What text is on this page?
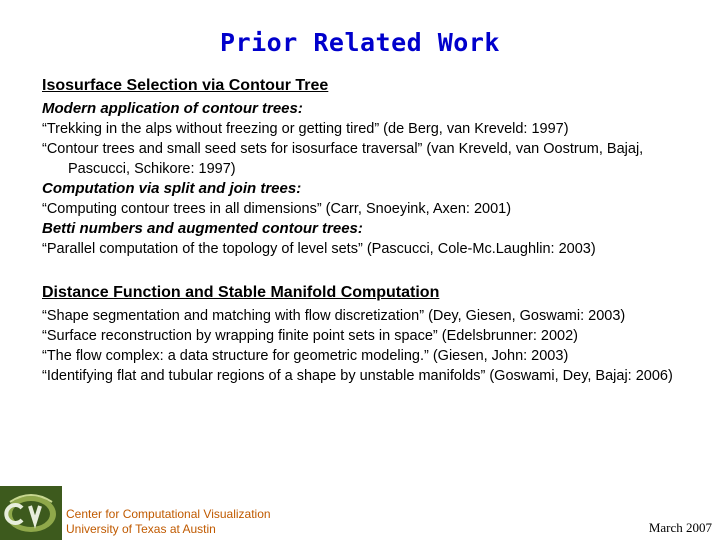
Prior Related Work

Isosurface Selection via Contour Tree

Modern application of contour trees:

“Trekking in the alps without freezing or getting tired” (de Berg, van Kreveld: 1997)

“Contour trees and small seed sets for isosurface traversal” (van Kreveld, van Oostrum, Bajaj, Pascucci, Schikore: 1997)

Computation via split and join trees:

“Computing contour trees in all dimensions” (Carr, Snoeyink, Axen: 2001)

Betti numbers and augmented contour trees:

“Parallel computation of the topology of level sets” (Pascucci, Cole-Mc.Laughlin: 2003)

Distance Function and Stable Manifold Computation

“Shape segmentation and matching with flow discretization” (Dey, Giesen, Goswami: 2003)

“Surface reconstruction by wrapping finite point sets in space” (Edelsbrunner: 2002)

“The flow complex: a data structure for geometric modeling.” (Giesen, John: 2003)

“Identifying flat and tubular regions of a shape by unstable manifolds” (Goswami, Dey, Bajaj: 2006)

Center for Computational Visualization
University of Texas at Austin	March 2007
